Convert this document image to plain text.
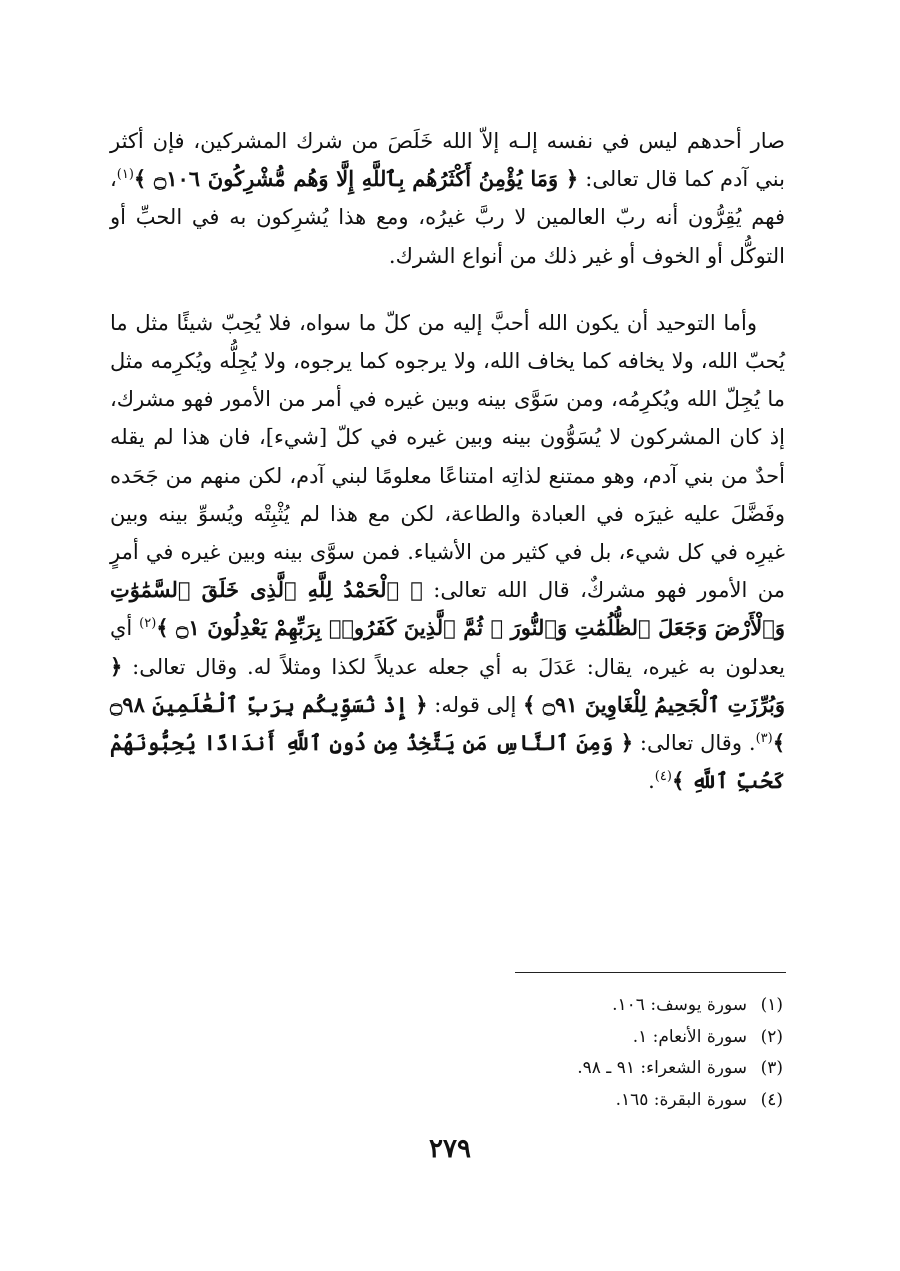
صار أحدهم ليس في نفسه إلـه إلاّ الله خَلَصَ من شرك المشركين، فإن أكثر بني آدم كما قال تعالى: ﴿ وَمَا يُؤْمِنُ أَكْثَرُهُم بِٱللَّهِ إِلَّا وَهُم مُّشْرِكُونَ ۝١٠٦ ﴾$^{(١)}$، فهم يُقِرُّون أنه ربّ العالمين لا ربَّ غيرُه، ومع هذا يُشرِكون به في الحبِّ أو التوكُّل أو الخوف أو غير ذلك من أنواع الشرك.

وأما التوحيد أن يكون الله أحبَّ إليه من كلّ ما سواه، فلا يُحِبّ شيئًا مثل ما يُحبّ الله، ولا يخافه كما يخاف الله، ولا يرجوه كما يرجوه، ولا يُجِلُّه ويُكرِمه مثل ما يُجِلّ الله ويُكرِمُه، ومن سَوَّى بينه وبين غيره في أمر من الأمور فهو مشرك، إذ كان المشركون لا يُسَوُّون بينه وبين غيره في كلّ [شيء]، فان هذا لم يقله أحدٌ من بني آدم، وهو ممتنع لذاتِه امتناعًا معلومًا لبني آدم، لكن منهم من جَحَده وفَضَّلَ عليه غيرَه في العبادة والطاعة، لكن مع هذا لم يُثْبِتْه ويُسوِّ بينه وبين غيرِه في كل شيء، بل في كثير من الأشياء. فمن سوَّى بينه وبين غيره في أمرٍ من الأمور فهو مشركٌ، قال الله تعالى: ﴿ ٱلْحَمْدُ لِلَّهِ ٱلَّذِى خَلَقَ ٱلسَّمَٰوَٰتِ وَٱلْأَرْضَ وَجَعَلَ ٱلظُّلُمَٰتِ وَٱلنُّورَ ۖ ثُمَّ ٱلَّذِينَ كَفَرُوا۟ بِرَبِّهِمْ يَعْدِلُونَ ۝١ ﴾$^{(٢)}$ أي يعدلون به غيره، يقال: عَدَلَ به أي جعله عديلاً لكذا ومثلاً له. وقال تعالى: ﴿ وَبُرِّزَتِ ٱلْجَحِيمُ لِلْغَاوِينَ ۝٩١ ﴾ إلى قوله: ﴿ إِذْ نُسَوِّيكُم بِرَبِّ ٱلْعَٰلَمِينَ ۝٩٨ ﴾$^{(٣)}$. وقال تعالى: ﴿ وَمِنَ ٱلنَّاسِ مَن يَتَّخِذُ مِن دُونِ ٱللَّهِ أَندَادًا يُحِبُّونَهُمْ كَحُبِّ ٱللَّهِ ﴾$^{(٤)}$.

(١)سورة يوسف: ١٠٦.
(٢)سورة الأنعام: ١.
(٣)سورة الشعراء: ٩١ ـ ٩٨.
(٤)سورة البقرة: ١٦٥.
٢٧٩
